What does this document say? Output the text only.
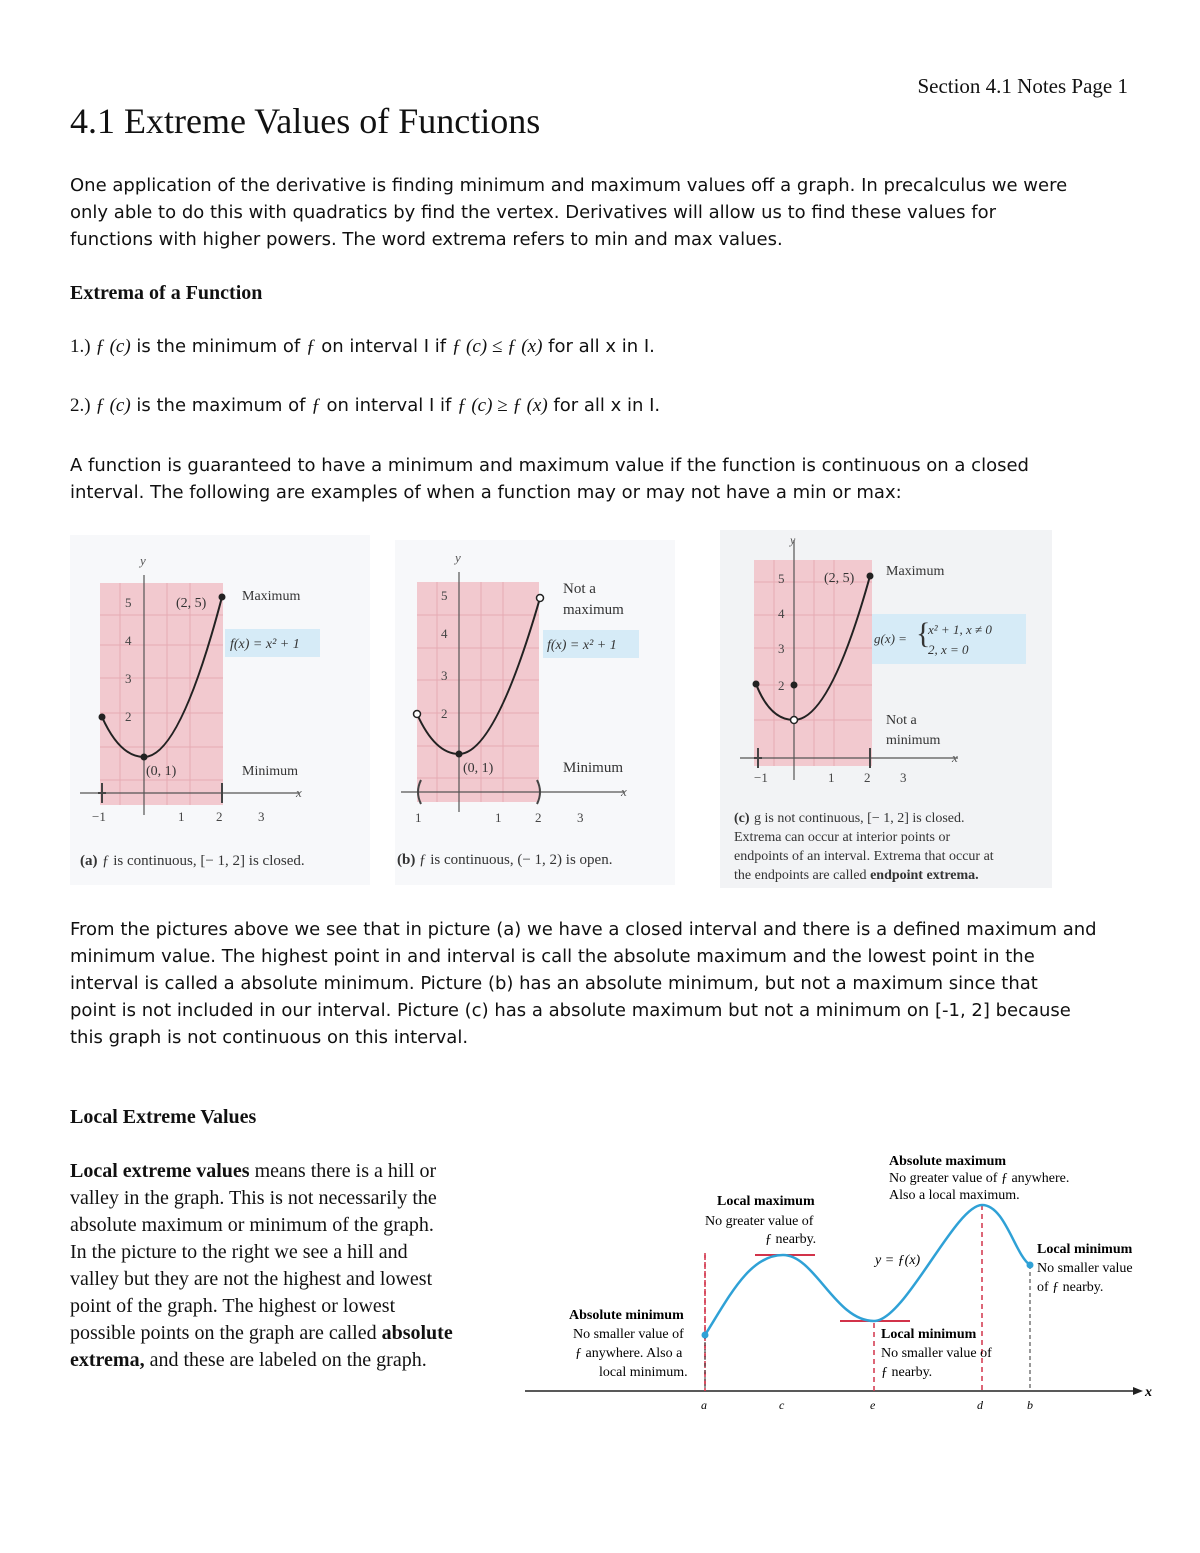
Section 4.1 Notes Page 1
4.1 Extreme Values of Functions
One application of the derivative is finding minimum and maximum values off a graph. In precalculus we were
only able to do this with quadratics by find the vertex. Derivatives will allow us to find these values for
functions with higher powers. The word extrema refers to min and max values.
Extrema of a Function
1.) ƒ (c) is the minimum of ƒ on interval I if ƒ (c) ≤ ƒ (x) for all x in I.
2.) ƒ (c) is the maximum of ƒ on interval I if ƒ (c) ≥ ƒ (x) for all x in I.
A function is guaranteed to have a minimum and maximum value if the function is continuous on a closed
interval. The following are examples of when a function may or may not have a min or max:
y
x
5
4
3
2
−1	1 2	3
(2, 5)	Maximum
f(x) = x² + 1
(0, 1)	Minimum
(a) ƒ is continuous, [− 1, 2] is closed.
y
x
5
4
3
2
1	1	2	3
Not a
maximum
f(x) = x² + 1
(0, 1)	Minimum
(b) ƒ is continuous, (− 1, 2) is open.
y
x
5
4
3
2
−1	1 2 3
(2, 5) Maximum
g(x) = {
x² + 1, x ≠ 0
2, x = 0
Not a
minimum
(c) g is not continuous, [− 1, 2] is closed.
Extrema can occur at interior points or
endpoints of an interval. Extrema that occur at
the endpoints are called endpoint extrema.
From the pictures above we see that in picture (a) we have a closed interval and there is a defined maximum and
minimum value. The highest point in and interval is call the absolute maximum and the lowest point in the
interval is called a absolute minimum. Picture (b) has an absolute minimum, but not a maximum since that
point is not included in our interval. Picture (c) has a absolute maximum but not a minimum on [-1, 2] because
this graph is not continuous on this interval.
Local Extreme Values
Local extreme values means there is a hill or
valley in the graph. This is not necessarily the
absolute maximum or minimum of the graph.
In the picture to the right we see a hill and
valley but they are not the highest and lowest
point of the graph. The highest or lowest
possible points on the graph are called absolute
extrema, and these are labeled on the graph.
x
Absolute maximum
No greater value of ƒ anywhere.
Also a local maximum.
Local maximum
No greater value of
ƒ nearby.
y = ƒ(x)
Local minimum
No smaller value
of ƒ nearby.
Absolute minimum
No smaller value of
ƒ anywhere. Also a
local minimum.
Local minimum
No smaller value of
ƒ nearby.
a	c	e	d	b
